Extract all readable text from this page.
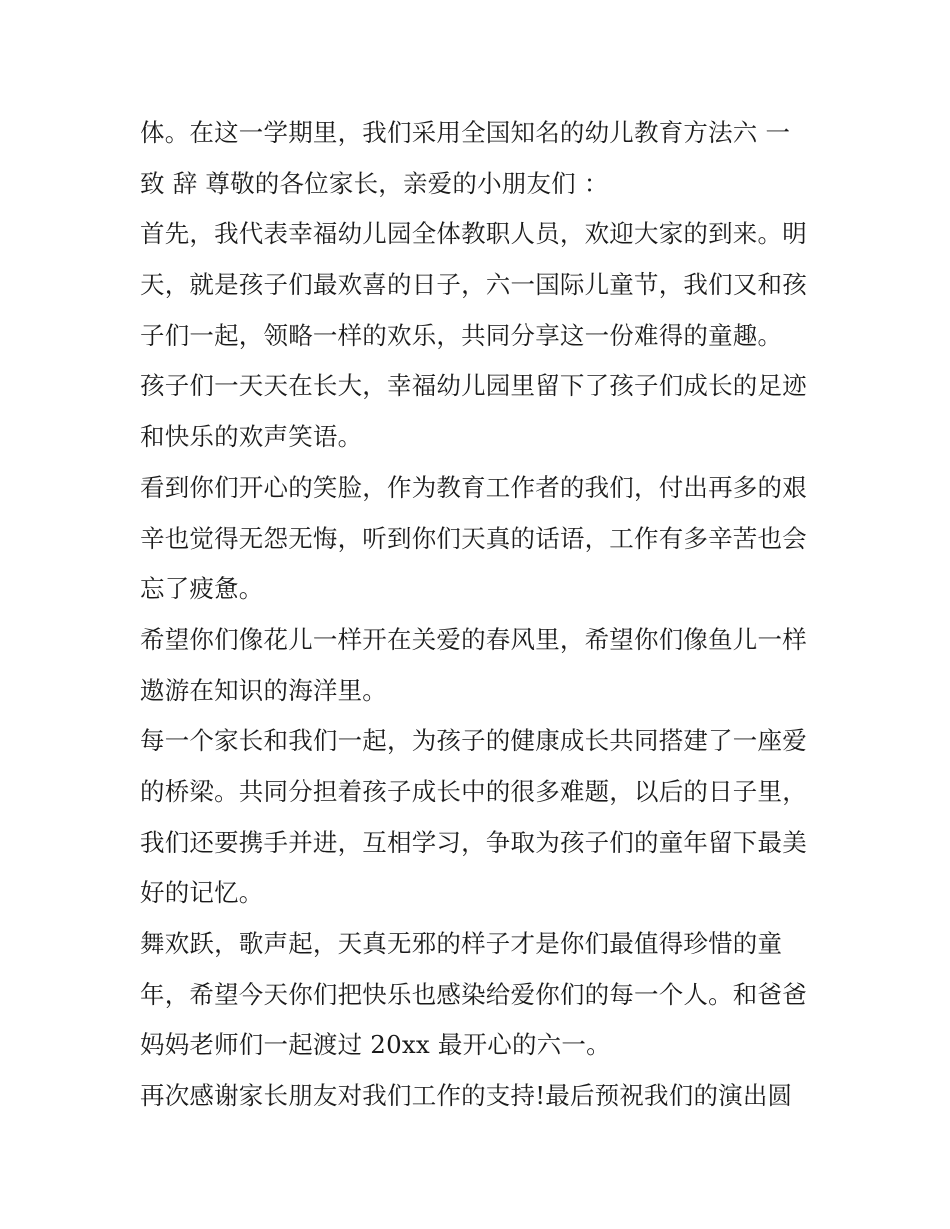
体。在这一学期里，我们采用全国知名的幼儿教育方法六 一
致 辞 尊敬的各位家长，亲爱的小朋友们 ：
首先，我代表幸福幼儿园全体教职人员，欢迎大家的到来。明
天，就是孩子们最欢喜的日子，六一国际儿童节，我们又和孩
子们一起，领略一样的欢乐，共同分享这一份难得的童趣。
孩子们一天天在长大，幸福幼儿园里留下了孩子们成长的足迹
和快乐的欢声笑语。
看到你们开心的笑脸，作为教育工作者的我们，付出再多的艰
辛也觉得无怨无悔，听到你们天真的话语，工作有多辛苦也会
忘了疲惫。
希望你们像花儿一样开在关爱的春风里，希望你们像鱼儿一样
遨游在知识的海洋里。
每一个家长和我们一起，为孩子的健康成长共同搭建了一座爱
的桥梁。共同分担着孩子成长中的很多难题，以后的日子里，
我们还要携手并进，互相学习，争取为孩子们的童年留下最美
好的记忆。
舞欢跃，歌声起，天真无邪的样子才是你们最值得珍惜的童
年，希望今天你们把快乐也感染给爱你们的每一个人。和爸爸
妈妈老师们一起渡过 20xx 最开心的六一。
再次感谢家长朋友对我们工作的支持!最后预祝我们的演出圆
